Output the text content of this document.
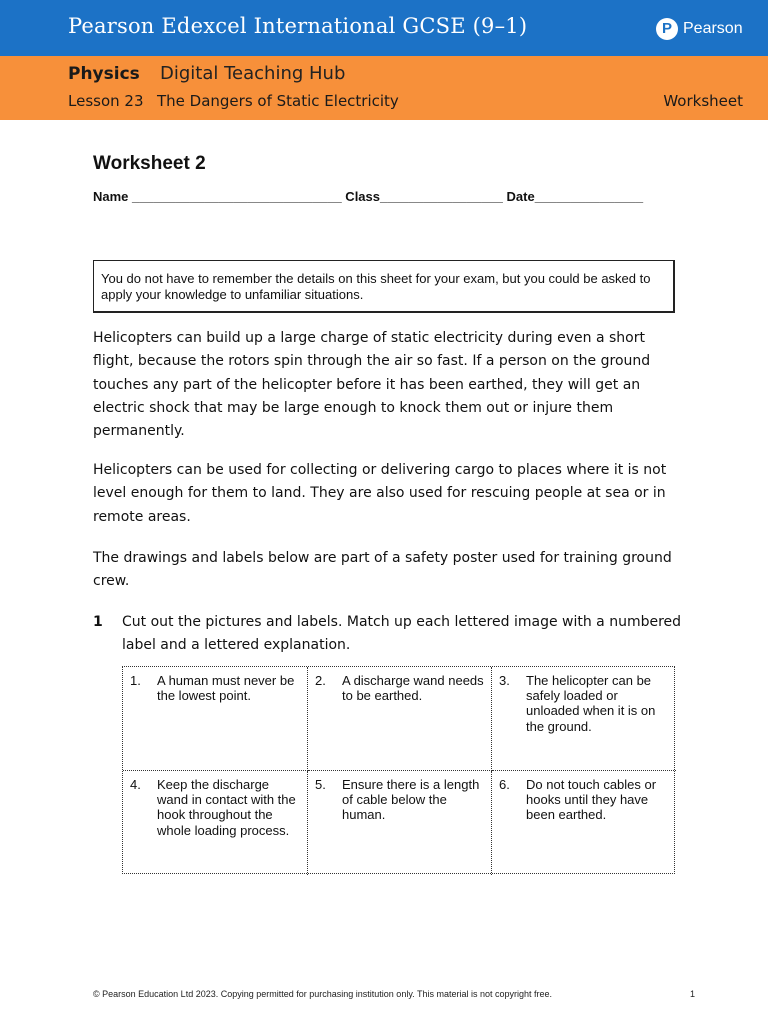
Pearson Edexcel International GCSE (9–1)	P Pearson
Physics Digital Teaching Hub
Lesson 23 The Dangers of Static Electricity	Worksheet
Worksheet 2
Name _____________________________ Class_________________ Date_______________
You do not have to remember the details on this sheet for your exam, but you could be asked to apply your knowledge to unfamiliar situations.
Helicopters can build up a large charge of static electricity during even a short flight, because the rotors spin through the air so fast. If a person on the ground touches any part of the helicopter before it has been earthed, they will get an electric shock that may be large enough to knock them out or injure them permanently.
Helicopters can be used for collecting or delivering cargo to places where it is not level enough for them to land. They are also used for rescuing people at sea or in remote areas.
The drawings and labels below are part of a safety poster used for training ground crew.
1 Cut out the pictures and labels. Match up each lettered image with a numbered label and a lettered explanation.
1.	A human must never be the lowest point.
2.	A discharge wand needs to be earthed.
3.	The helicopter can be safely loaded or unloaded when it is on the ground.
4.	Keep the discharge wand in contact with the hook throughout the whole loading process.
5.	Ensure there is a length of cable below the human.
6.	Do not touch cables or hooks until they have been earthed.
© Pearson Education Ltd 2023. Copying permitted for purchasing institution only. This material is not copyright free.	1
